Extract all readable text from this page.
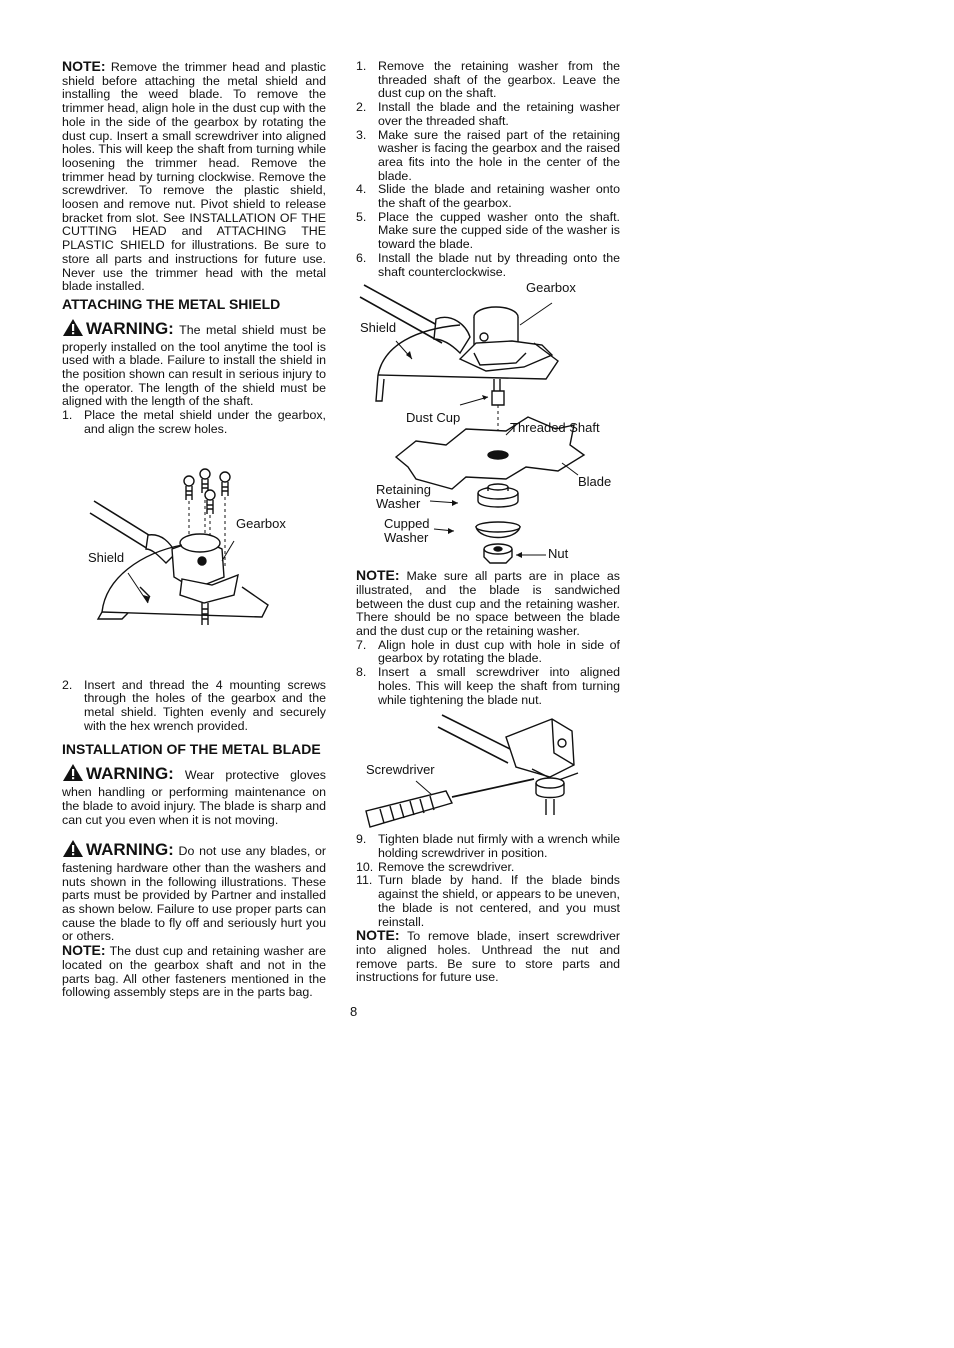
NOTE: Remove the trimmer head and plastic shield before attaching the metal shield and installing the weed blade. To remove the trimmer head, align hole in the dust cup with the hole in the side of the gearbox by rotating the dust cup. Insert a small screwdriver into aligned holes. This will keep the shaft from turning while loosening the trimmer head. Remove the trimmer head by turning clockwise. Remove the screwdriver. To remove the plastic shield, loosen and remove nut. Pivot shield to release bracket from slot. See INSTALLATION OF THE CUTTING HEAD and ATTACHING THE PLASTIC SHIELD for illustrations. Be sure to store all parts and instructions for future use. Never use the trimmer head with the metal blade installed.

ATTACHING THE METAL SHIELD

WARNING: The metal shield must be properly installed on the tool anytime the tool is used with a blade. Failure to install the shield in the position shown can result in serious injury to the operator. The length of the shield must be aligned with the length of the shaft.

1. Place the metal shield under the gearbox, and align the screw holes.
Gearbox
Shield
2. Insert and thread the 4 mounting screws through the holes of the gearbox and the metal shield. Tighten evenly and securely with the hex wrench provided.
INSTALLATION OF THE METAL BLADE

WARNING: Wear protective gloves when handling or performing maintenance on the blade to avoid injury. The blade is sharp and can cut you even when it is not moving.

WARNING: Do not use any blades, or fastening hardware other than the washers and nuts shown in the following illustrations. These parts must be provided by Partner and installed as shown below. Failure to use proper parts can cause the blade to fly off and seriously hurt you or others.

NOTE: The dust cup and retaining washer are located on the gearbox shaft and not in the parts bag. All other fasteners mentioned in the following assembly steps are in the parts bag.

1. Remove the retaining washer from the threaded shaft of the gearbox. Leave the dust cup on the shaft.
2. Install the blade and the retaining washer over the threaded shaft.
3. Make sure the raised part of the retaining washer is facing the gearbox and the raised area fits into the hole in the center of the blade.
4. Slide the blade and retaining washer onto the shaft of the gearbox.
5. Place the cupped washer onto the shaft. Make sure the cupped side of the washer is toward the blade.
6. Install the blade nut by threading onto the shaft counterclockwise.
Gearbox
Shield
Dust Cup
Threaded Shaft
Blade
Retaining
Washer
Cupped
Washer
Nut

NOTE: Make sure all parts are in place as illustrated, and the blade is sandwiched between the dust cup and the retaining washer. There should be no space between the blade and the dust cup or the retaining washer.

7. Align hole in dust cup with hole in side of gearbox by rotating the blade.
8. Insert a small screwdriver into aligned holes. This will keep the shaft from turning while tightening the blade nut.
Screwdriver
9. Tighten blade nut firmly with a wrench while holding screwdriver in position.
10. Remove the screwdriver.
11. Turn blade by hand. If the blade binds against the shield, or appears to be uneven, the blade is not centered, and you must reinstall.

NOTE: To remove blade, insert screwdriver into aligned holes. Unthread the nut and remove parts. Be sure to store parts and instructions for future use.

8
